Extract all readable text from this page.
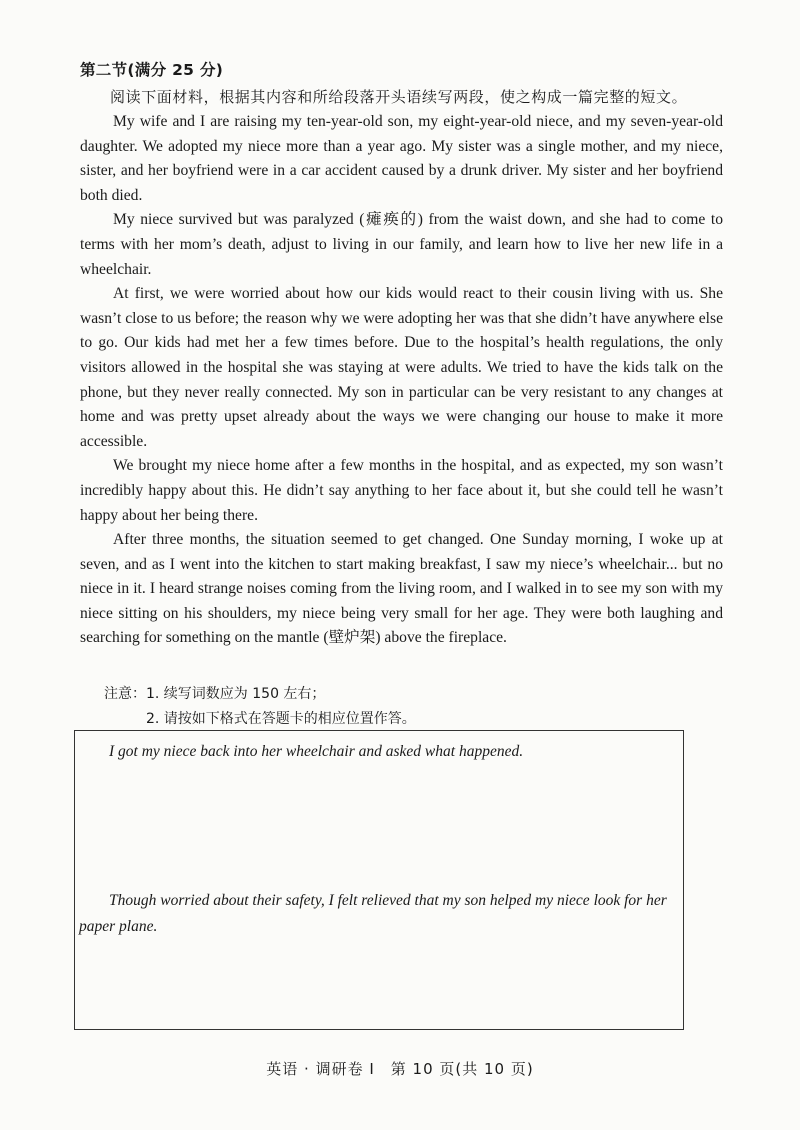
第二节(满分 25 分)
阅读下面材料，根据其内容和所给段落开头语续写两段，使之构成一篇完整的短文。

My wife and I are raising my ten-year-old son, my eight-year-old niece, and my seven-year-old daughter. We adopted my niece more than a year ago. My sister was a single mother, and my niece, sister, and her boyfriend were in a car accident caused by a drunk driver. My sister and her boyfriend both died.

My niece survived but was paralyzed (瘫痪的) from the waist down, and she had to come to terms with her mom’s death, adjust to living in our family, and learn how to live her new life in a wheelchair.

At first, we were worried about how our kids would react to their cousin living with us. She wasn’t close to us before; the reason why we were adopting her was that she didn’t have anywhere else to go. Our kids had met her a few times before. Due to the hospital’s health regulations, the only visitors allowed in the hospital she was staying at were adults. We tried to have the kids talk on the phone, but they never really connected. My son in particular can be very resistant to any changes at home and was pretty upset already about the ways we were changing our house to make it more accessible.

We brought my niece home after a few months in the hospital, and as expected, my son wasn’t incredibly happy about this. He didn’t say anything to her face about it, but she could tell he wasn’t happy about her being there.

After three months, the situation seemed to get changed. One Sunday morning, I woke up at seven, and as I went into the kitchen to start making breakfast, I saw my niece’s wheelchair... but no niece in it. I heard strange noises coming from the living room, and I walked in to see my son with my niece sitting on his shoulders, my niece being very small for her age. They were both laughing and searching for something on the mantle (壁炉架) above the fireplace.

注意：1. 续写词数应为 150 左右；
2. 请按如下格式在答题卡的相应位置作答。
I got my niece back into her wheelchair and asked what happened.
Though worried about their safety, I felt relieved that my son helped my niece look for her paper plane.
英语 · 调研卷 I　第 10 页(共 10 页)
